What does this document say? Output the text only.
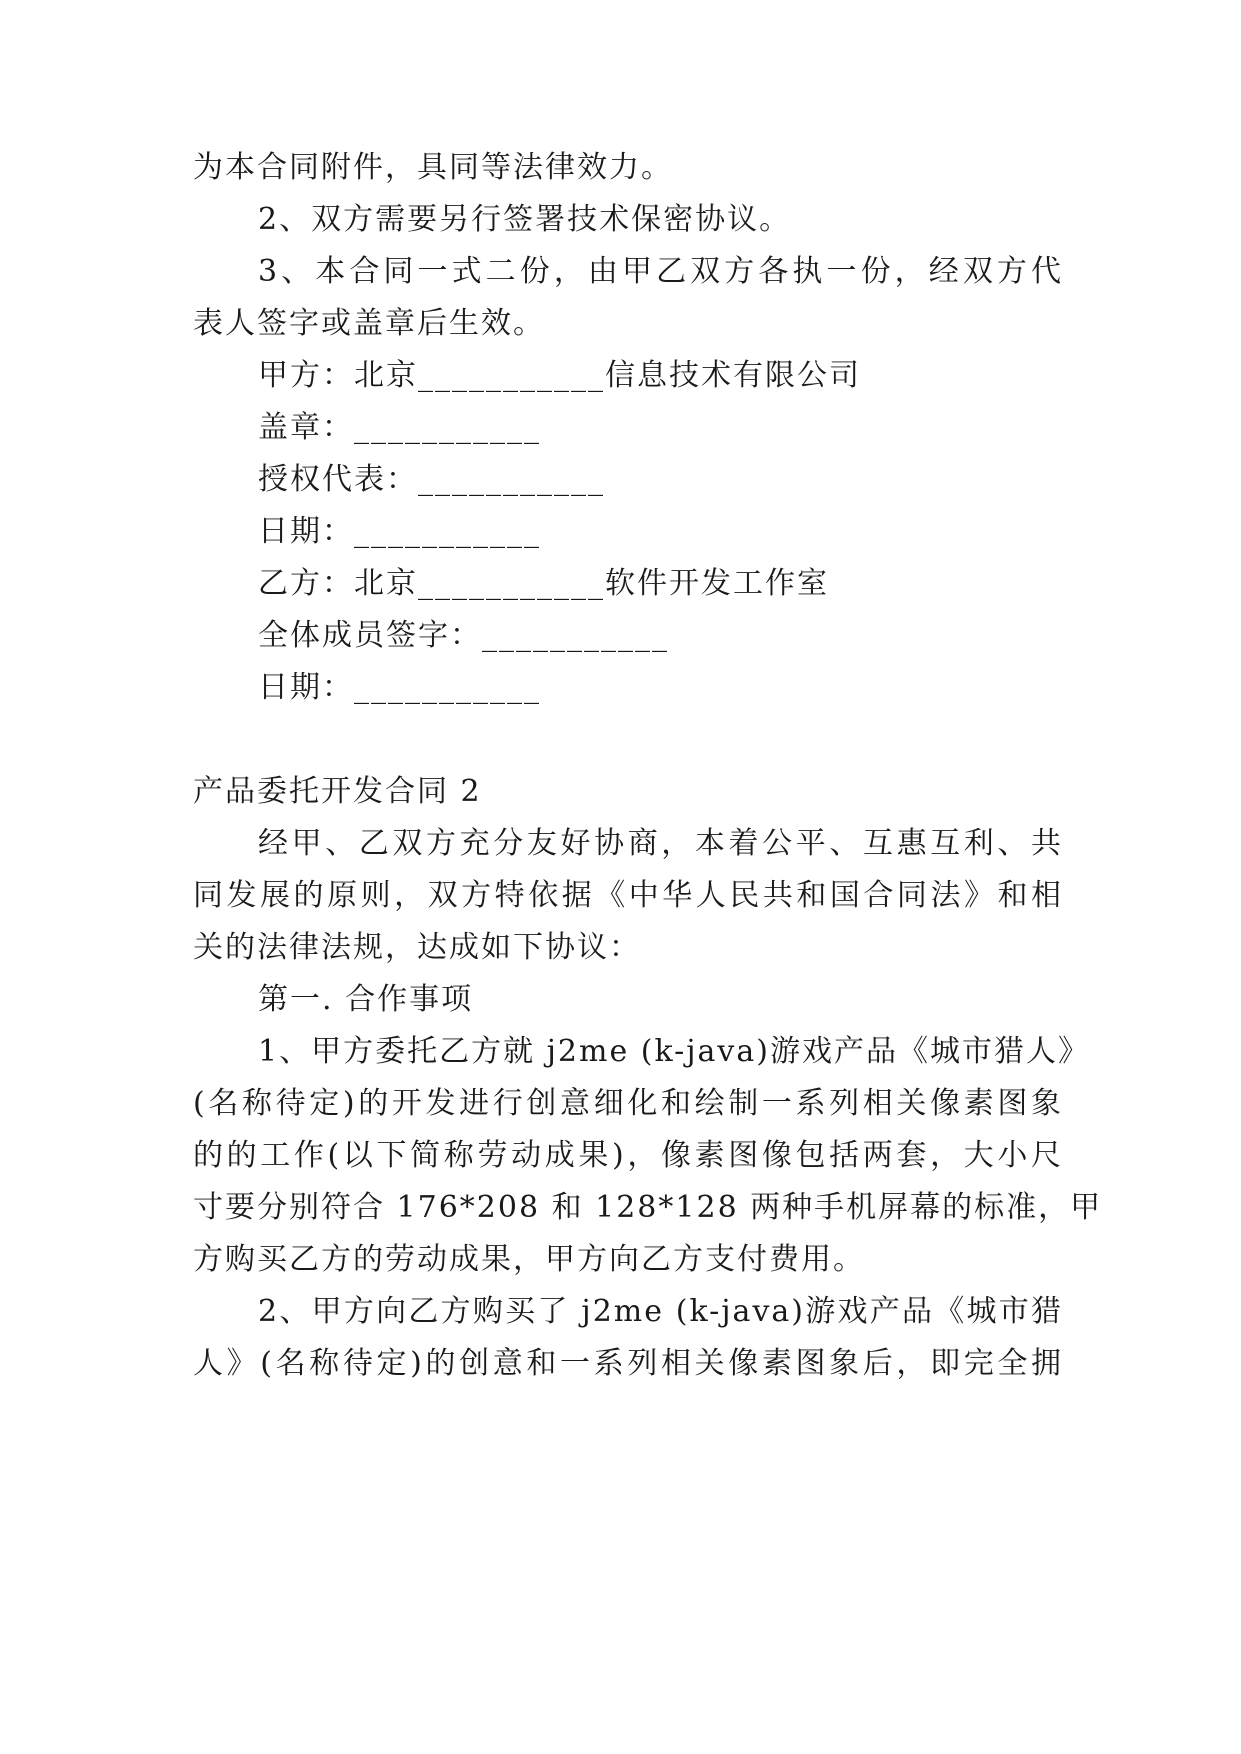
为本合同附件，具同等法律效力。
2、双方需要另行签署技术保密协议。
3、本合同一式二份，由甲乙双方各执一份，经双方代
表人签字或盖章后生效。
甲方：北京___________信息技术有限公司
盖章：___________
授权代表：___________
日期：___________
乙方：北京___________软件开发工作室
全体成员签字：___________
日期：___________
产品委托开发合同 2
经甲、乙双方充分友好协商，本着公平、互惠互利、共
同发展的原则，双方特依据《中华人民共和国合同法》和相
关的法律法规，达成如下协议：
第一. 合作事项
1、甲方委托乙方就 j2me (k-java)游戏产品《城市猎人》
(名称待定)的开发进行创意细化和绘制一系列相关像素图象
的的工作(以下简称劳动成果)，像素图像包括两套，大小尺
寸要分别符合 176*208 和 128*128 两种手机屏幕的标准，甲
方购买乙方的劳动成果，甲方向乙方支付费用。
2、甲方向乙方购买了 j2me (k-java)游戏产品《城市猎
人》(名称待定)的创意和一系列相关像素图象后，即完全拥
